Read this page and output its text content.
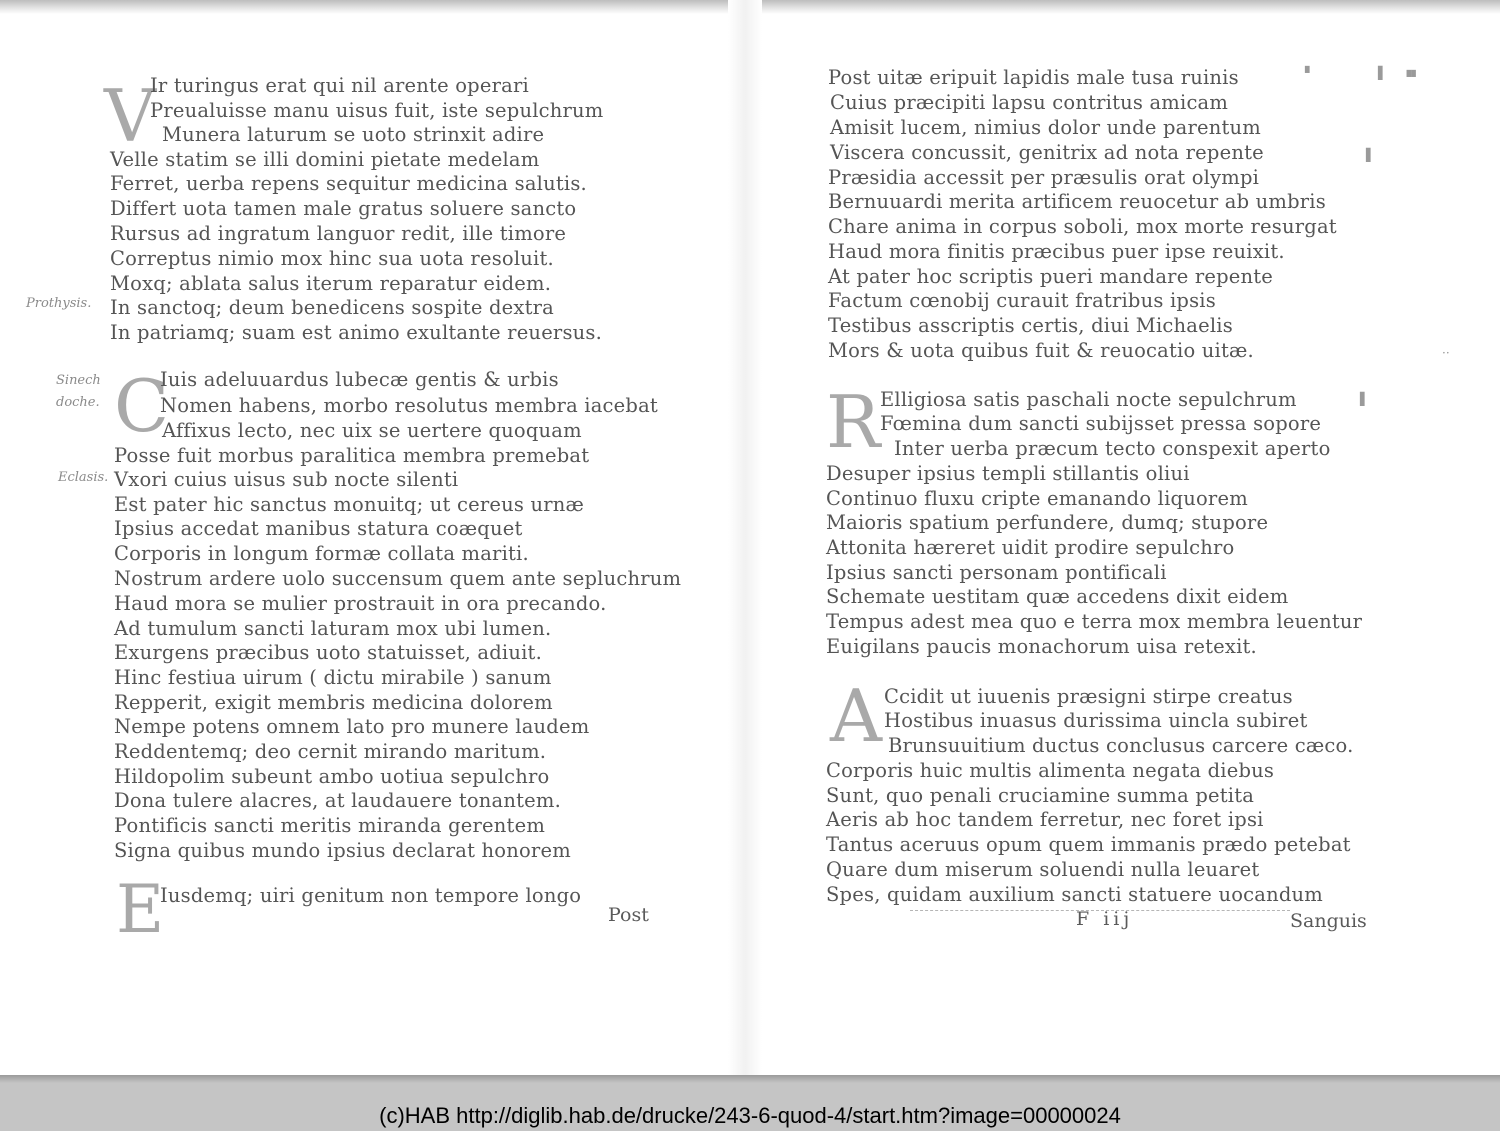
V

Ir turingus erat qui nil arente operari

Preualuisse manu uisus fuit, iste sepulchrum

Munera laturum se uoto strinxit adire

Velle statim se illi domini pietate medelam

Ferret, uerba repens sequitur medicina salutis.

Differt uota tamen male gratus soluere sancto

Rursus ad ingratum languor redit, ille timore

Correptus nimio mox hinc sua uota resoluit.

Moxq; ablata salus iterum reparatur eidem.

In sanctoq; deum benedicens sospite dextra

In patriamq; suam est animo exultante reuersus.

Prothysis.
Sinech doche. C

Iuis adeluuardus lubecæ gentis & urbis

Nomen habens, morbo resolutus membra iacebat

Affixus lecto, nec uix se uertere quoquam

Posse fuit morbus paralitica membra premebat

Eclasis. Vxori cuius uisus sub nocte silenti

Est pater hic sanctus monuitq; ut cereus urnæ

Ipsius accedat manibus statura coæquet

Corporis in longum formæ collata mariti.

Nostrum ardere uolo succensum quem ante sepluchrum

Haud mora se mulier prostrauit in ora precando.

Ad tumulum sancti laturam mox ubi lumen.

Exurgens præcibus uoto statuisset, adiuit.

Hinc festiua uirum ( dictu mirabile ) sanum

Repperit, exigit membris medicina dolorem

Nempe potens omnem lato pro munere laudem

Reddentemq; deo cernit mirando maritum.

Hildopolim subeunt ambo uotiua sepulchro

Dona tulere alacres, at laudauere tonantem.

Pontificis sancti meritis miranda gerentem

Signa quibus mundo ipsius declarat honorem

E

Iusdemq; uiri genitum non tempore longo

Post

Post uitæ eripuit lapidis male tusa ruinis

Cuius præcipiti lapsu contritus amicam

Amisit lucem, nimius dolor unde parentum

Viscera concussit, genitrix ad nota repente

Præsidia accessit per præsulis orat olympi

Bernuuardi merita artificem reuocetur ab umbris

Chare anima in corpus soboli, mox morte resurgat

Haud mora finitis præcibus puer ipse reuixit.

At pater hoc scriptis pueri mandare repente

Factum cœnobij curauit fratribus ipsis

Testibus asscriptis certis, diui Michaelis

Mors & uota quibus fuit & reuocatio uitæ.

R Elligiosa satis paschali nocte sepulchrum

Fœmina dum sancti subijsset pressa sopore

Inter uerba præcum tecto conspexit aperto

Desuper ipsius templi stillantis oliui

Continuo fluxu cripte emanando liquorem

Maioris spatium perfundere, dumq; stupore

Attonita hæreret uidit prodire sepulchro

Ipsius sancti personam pontificali

Schemate uestitam quæ accedens dixit eidem

Tempus adest mea quo e terra mox membra leuentur

Euigilans paucis monachorum uisa retexit.

A Ccidit ut iuuenis præsigni stirpe creatus

Hostibus inuasus durissima uincla subiret

Brunsuuitium ductus conclusus carcere cæco.

Corporis huic multis alimenta negata diebus

Sunt, quo penali cruciamine summa petita

Aeris ab hoc tandem ferretur, nec foret ipsi

Tantus aceruus opum quem immanis prædo petebat

Quare dum miserum soluendi nulla leuaret

Spes, quidam auxilium sancti statuere uocandum

F iij	Sanguis
▘	▌ ▝▘
▌
▌
··
(c)HAB http://diglib.hab.de/drucke/243-6-quod-4/start.htm?image=00000024
